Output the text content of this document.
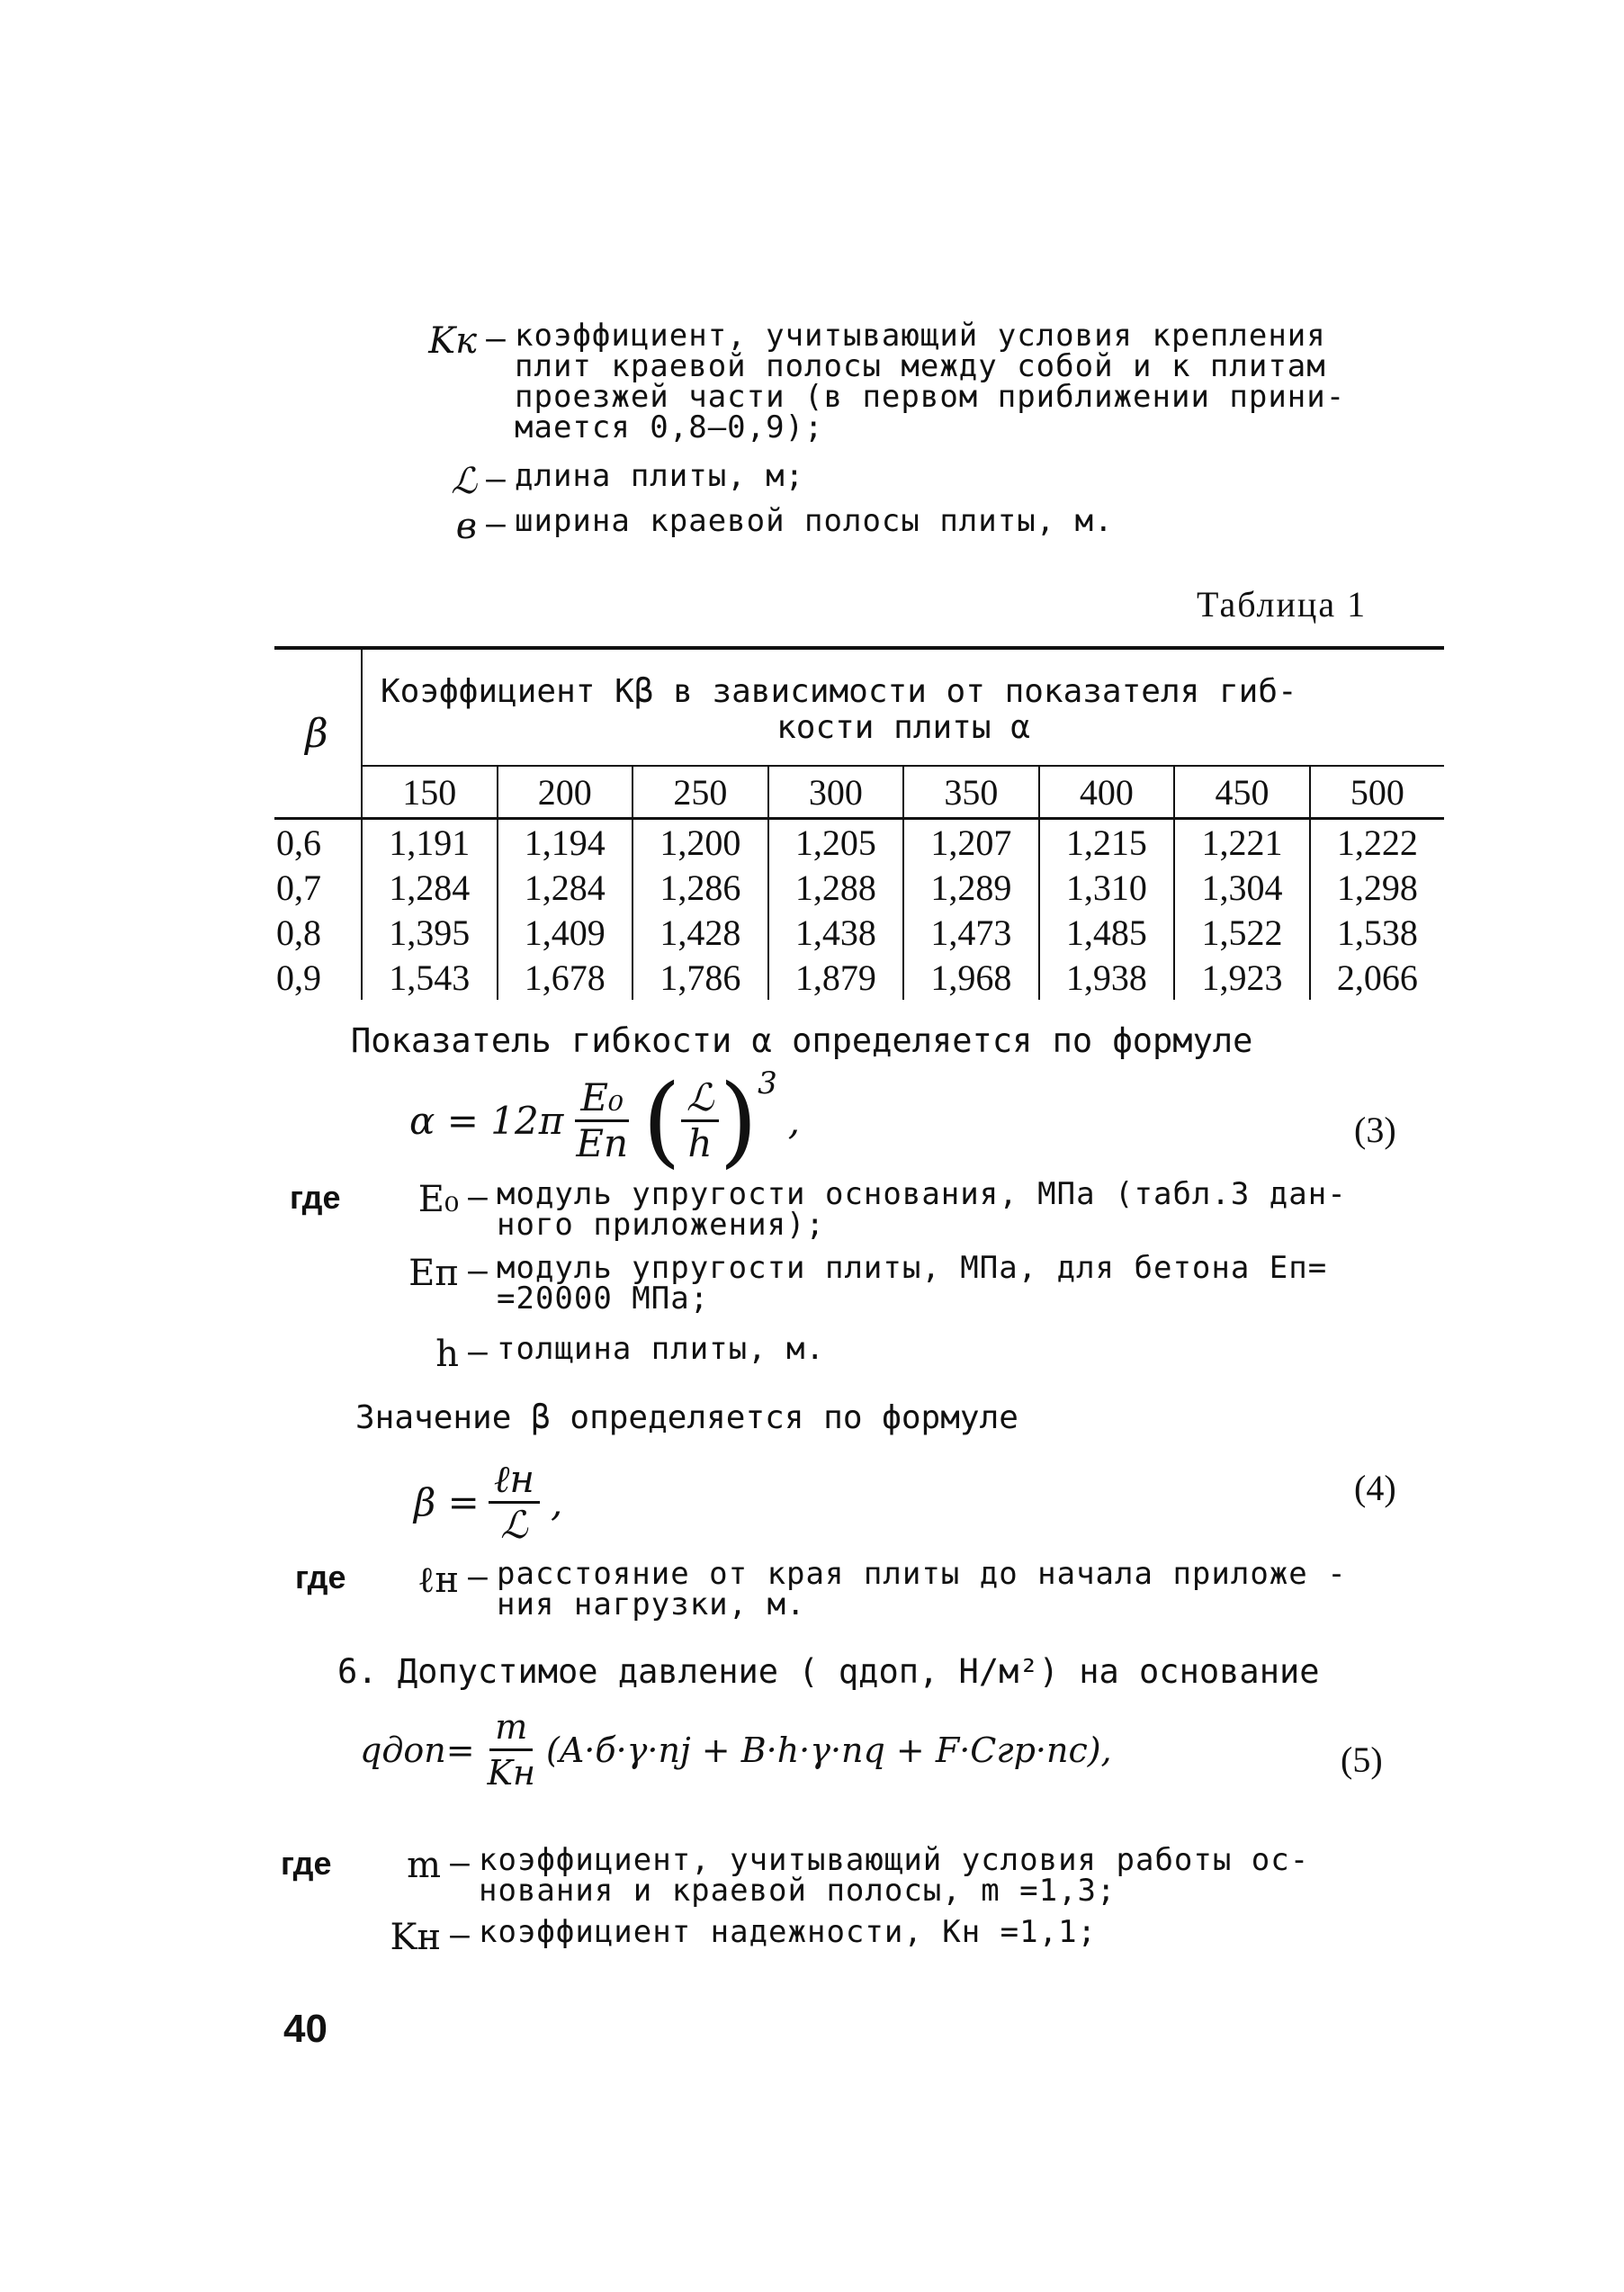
Kк – коэффициент, учитывающий условия крепления
плит краевой полосы между собой и к плитам
проезжей части (в первом приближении прини-
мается 0,8–0,9);
ℒ – длина плиты, м;
в – ширина краевой полосы плиты, м.
Таблица 1
β	Коэффициент Kβ в зависимости от показателя гиб-
кости плиты α							

	150	200	250	300	350	400	450	500
0,6	1,191	1,194	1,200	1,205	1,207	1,215	1,221	1,222
0,7	1,284	1,284	1,286	1,288	1,289	1,310	1,304	1,298
0,8	1,395	1,409	1,428	1,438	1,473	1,485	1,522	1,538
0,9	1,543	1,678	1,786	1,879	1,968	1,938	1,923	2,066
Показатель гибкости α определяется по формуле
$\alpha = 12\pi \frac{\text{E₀}}{Eп}$ ( $\frac{\text{ℒ}}{h}$ ) 3
,	(3)
где	E₀ – модуль упругости основания, МПа (табл.3 дан-
ного приложения);
Eп – модуль упругости плиты, МПа, для бетона Eп=
=20000 МПа;
h – толщина плиты, м.
Значение β определяется по формуле
$\beta = \frac{\text{ℓн}}{\text{ℒ}}$ ,	(4)
где	ℓн – расстояние от края плиты до начала приложе -
ния нагрузки, м.
6. Допустимое давление ( qдоп, Н/м²) на основание
qдоп= $\frac{m}{Kн} (A\cdot б\cdot\gamma\cdot nj + B\cdot h\cdot\gamma\cdot nq + F\cdot Cгр\cdot nc)$,	(5)
где	m – коэффициент, учитывающий условия работы ос-
нования и краевой полосы, m =1,3;
Kн – коэффициент надежности, Kн =1,1;
40
